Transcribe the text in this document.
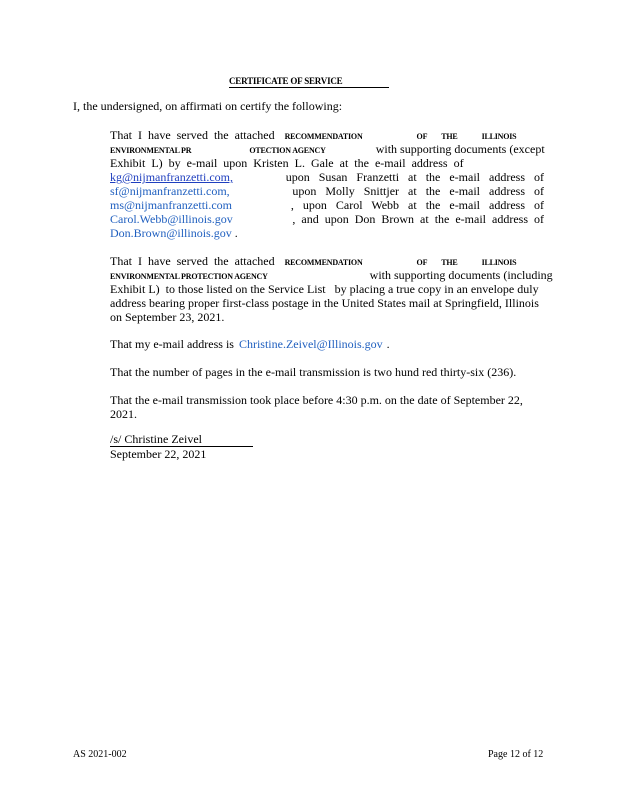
CERTIFICATE OF SERVICE
I, the undersigned, on affirmati on certify the following:
That I have served the attached RECOMMENDATION	OF THE	ILLINOIS
ENVIRONMENTAL PR	OTECTION AGENCY	with supporting documents (except
Exhibit  L)  by  e-mail  upon  Kristen  L.  Gale  at  the  e-mail  address  of
kg@nijmanfranzetti.com,	upon   Susan   Franzetti   at   the   e-mail   address   of
sf@nijmanfranzetti.com,	upon   Molly   Snittjer   at   the   e-mail   address   of
ms@nijmanfranzetti.com	,   upon   Carol   Webb   at   the   e-mail   address   of
Carol.Webb@illinois.gov	,  and  upon  Don  Brown  at  the  e-mail  address  of
Don.Brown@illinois.gov .
That I have served the attached RECOMMENDATION	OF THE	ILLINOIS
ENVIRONMENTAL PROTECTION AGENCY	with supporting documents (including
Exhibit L)  to those listed on the Service List   by placing a true copy in an envelope duly
address bearing proper first-class postage in the United States mail at Springfield, Illinois
on September 23, 2021.
That my e-mail address is Christine.Zeivel@Illinois.gov .
That the number of pages in the e-mail transmission is two hund red thirty-six (236).
That the e-mail transmission took place before 4:30 p.m. on the date of September 22,
2021.
/s/ Christine Zeivel
September 22, 2021
AS 2021-002	Page 12 of 12
